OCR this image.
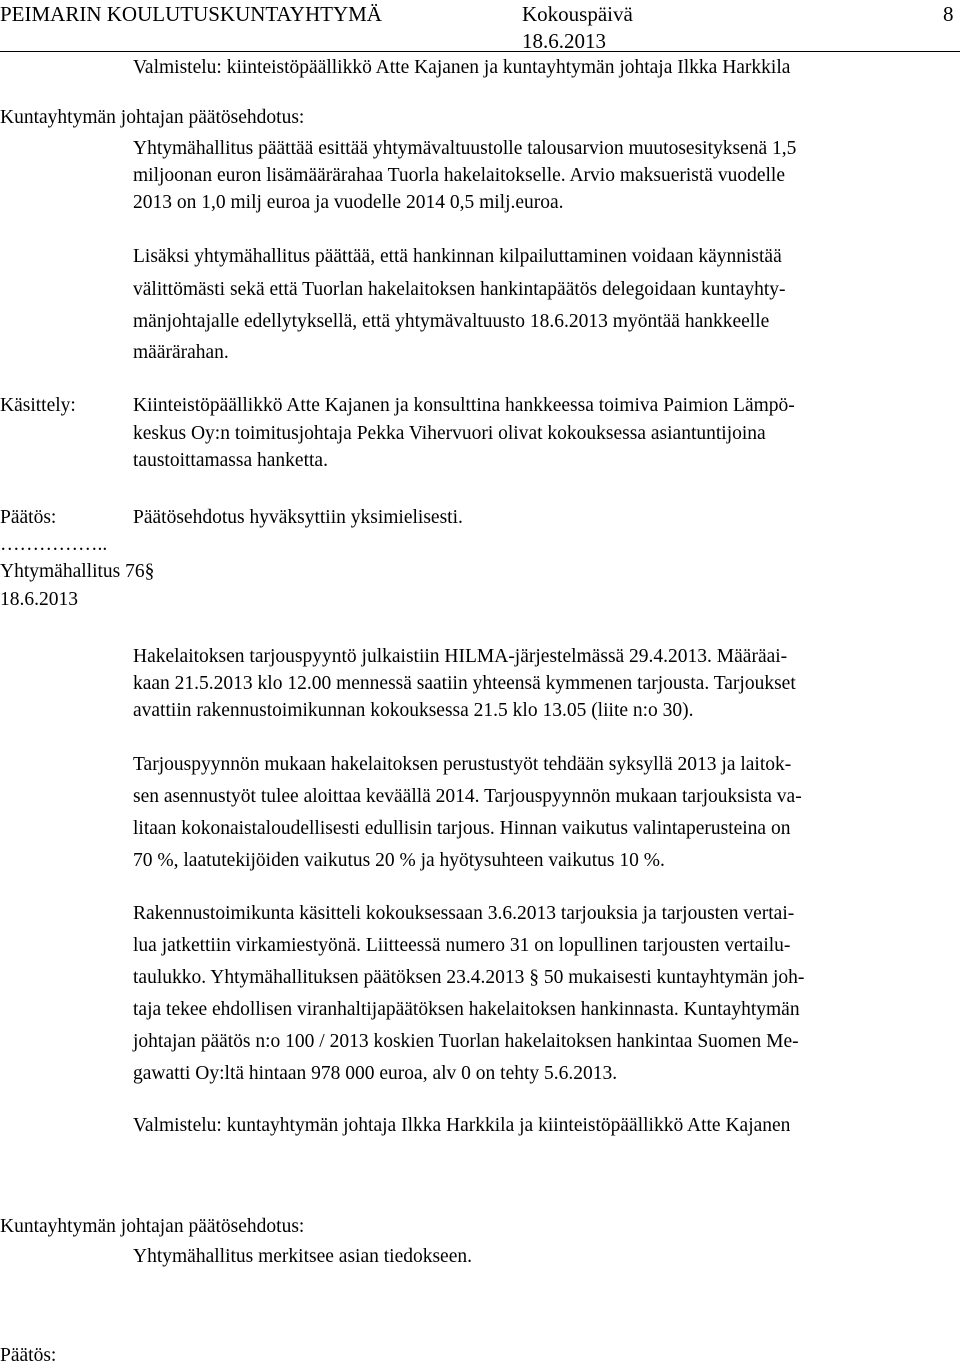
PEIMARIN KOULUTUSKUNTAYHTYMÄ	Kokouspäivä	8
18.6.2013
Valmistelu: kiinteistöpäällikkö Atte Kajanen ja kuntayhtymän johtaja Ilkka Harkkila
Kuntayhtymän johtajan päätösehdotus:
Yhtymähallitus päättää esittää yhtymävaltuustolle talousarvion muutosesityksenä 1,5
miljoonan euron lisämäärärahaa Tuorla hakelaitokselle. Arvio maksueristä vuodelle
2013 on 1,0 milj euroa ja vuodelle 2014 0,5 milj.euroa.
Lisäksi yhtymähallitus päättää, että hankinnan kilpailuttaminen voidaan käynnistää
välittömästi sekä että Tuorlan hakelaitoksen hankintapäätös delegoidaan kuntayhty-
mänjohtajalle edellytyksellä, että yhtymävaltuusto 18.6.2013 myöntää hankkeelle
määrärahan.
Käsittely:	Kiinteistöpäällikkö Atte Kajanen ja konsulttina hankkeessa toimiva Paimion Lämpö-
keskus Oy:n toimitusjohtaja Pekka Vihervuori olivat kokouksessa asiantuntijoina
taustoittamassa hanketta.
Päätös:	Päätösehdotus hyväksyttiin yksimielisesti.
……………..
Yhtymähallitus 76§
18.6.2013
Hakelaitoksen tarjouspyyntö julkaistiin HILMA-järjestelmässä 29.4.2013. Määräai-
kaan 21.5.2013 klo 12.00 mennessä saatiin yhteensä kymmenen tarjousta. Tarjoukset
avattiin rakennustoimikunnan kokouksessa 21.5 klo 13.05 (liite n:o 30).
Tarjouspyynnön mukaan hakelaitoksen perustustyöt tehdään syksyllä 2013 ja laitok-
sen asennustyöt tulee aloittaa keväällä 2014. Tarjouspyynnön mukaan tarjouksista va-
litaan kokonaistaloudellisesti edullisin tarjous. Hinnan vaikutus valintaperusteina on
70 %, laatutekijöiden vaikutus 20 % ja hyötysuhteen vaikutus 10 %.
Rakennustoimikunta käsitteli kokouksessaan 3.6.2013 tarjouksia ja tarjousten vertai-
lua jatkettiin virkamiestyönä. Liitteessä numero 31 on lopullinen tarjousten vertailu-
taulukko. Yhtymähallituksen päätöksen 23.4.2013 § 50 mukaisesti kuntayhtymän joh-
taja tekee ehdollisen viranhaltijapäätöksen hakelaitoksen hankinnasta. Kuntayhtymän
johtajan päätös n:o 100 / 2013 koskien Tuorlan hakelaitoksen hankintaa Suomen Me-
gawatti Oy:ltä hintaan 978 000 euroa, alv 0 on tehty 5.6.2013.
Valmistelu: kuntayhtymän johtaja Ilkka Harkkila ja kiinteistöpäällikkö Atte Kajanen
Kuntayhtymän johtajan päätösehdotus:
Yhtymähallitus merkitsee asian tiedokseen.
Päätös:
